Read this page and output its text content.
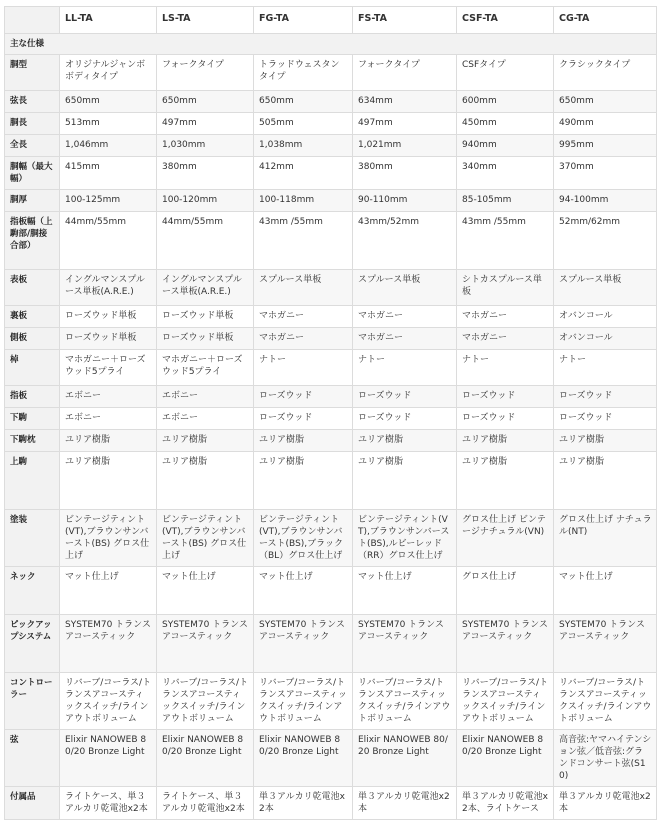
	LL-TA	LS-TA	FG-TA	FS-TA	CSF-TA	CG-TA
主な仕様						
胴型	オリジナルジャンボボディタイプ	フォークタイプ	トラッドウェスタンタイプ	フォークタイプ	CSFタイプ	クラシックタイプ
弦長	650mm	650mm	650mm	634mm	600mm	650mm
胴長	513mm	497mm	505mm	497mm	450mm	490mm
全長	1,046mm	1,030mm	1,038mm	1,021mm	940mm	995mm
胴幅（最大幅）	415mm	380mm	412mm	380mm	340mm	370mm
胴厚	100-125mm	100-120mm	100-118mm	90-110mm	85-105mm	94-100mm
指板幅（上駒部/胴接合部）	44mm/55mm	44mm/55mm	43mm /55mm	43mm/52mm	43mm /55mm	52mm/62mm
表板	イングルマンスプルース単板(A.R.E.)	イングルマンスプルース単板(A.R.E.)	スプルース単板	スプルース単板	シトカスプルース単板	スプルース単板
裏板	ローズウッド単板	ローズウッド単板	マホガニー	マホガニー	マホガニー	オバンコール
側板	ローズウッド単板	ローズウッド単板	マホガニー	マホガニー	マホガニー	オバンコール
棹	マホガニー＋ローズウッド5プライ	マホガニー＋ローズウッド5プライ	ナトー	ナトー	ナトー	ナトー
指板	エボニー	エボニー	ローズウッド	ローズウッド	ローズウッド	ローズウッド
下駒	エボニー	エボニー	ローズウッド	ローズウッド	ローズウッド	ローズウッド
下駒枕	ユリア樹脂	ユリア樹脂	ユリア樹脂	ユリア樹脂	ユリア樹脂	ユリア樹脂
上駒	ユリア樹脂	ユリア樹脂	ユリア樹脂	ユリア樹脂	ユリア樹脂	ユリア樹脂
塗装	ビンテージティント(VT),ブラウンサンバースト(BS) グロス仕上げ	ビンテージティント(VT),ブラウンサンバースト(BS) グロス仕上げ	ビンテージティント(VT),ブラウンサンバースト(BS),ブラック（BL）グロス仕上げ	ビンテージティント(VT),ブラウンサンバースト(BS),ルビーレッド（RR）グロス仕上げ	グロス仕上げ ビンテージナチュラル(VN)	グロス仕上げ ナチュラル(NT)
ネック	マット仕上げ	マット仕上げ	マット仕上げ	マット仕上げ	グロス仕上げ	マット仕上げ
ピックアップシステム	SYSTEM70 トランスアコースティック	SYSTEM70 トランスアコースティック	SYSTEM70 トランスアコースティック	SYSTEM70 トランスアコースティック	SYSTEM70 トランスアコースティック	SYSTEM70 トランスアコースティック
コントローラー	リバーブ/コーラス/トランスアコースティックスイッチ/ラインアウトボリューム	リバーブ/コーラス/トランスアコースティックスイッチ/ラインアウトボリューム	リバーブ/コーラス/トランスアコースティックスイッチ/ラインアウトボリューム	リバーブ/コーラス/トランスアコースティックスイッチ/ラインアウトボリューム	リバーブ/コーラス/トランスアコースティックスイッチ/ラインアウトボリューム	リバーブ/コーラス/トランスアコースティックスイッチ/ラインアウトボリューム
弦	Elixir NANOWEB 80/20 Bronze Light	Elixir NANOWEB 80/20 Bronze Light	Elixir NANOWEB 80/20 Bronze Light	Elixir NANOWEB 80/20 Bronze Light	Elixir NANOWEB 80/20 Bronze Light	高音弦:ヤマハイテンション弦／低音弦:グランドコンサート弦(S10)
付属品	ライトケース、単３アルカリ乾電池x2本	ライトケース、単３アルカリ乾電池x2本	単３アルカリ乾電池x2本	単３アルカリ乾電池x2本	単３アルカリ乾電池x2本、ライトケース	単３アルカリ乾電池x2本
